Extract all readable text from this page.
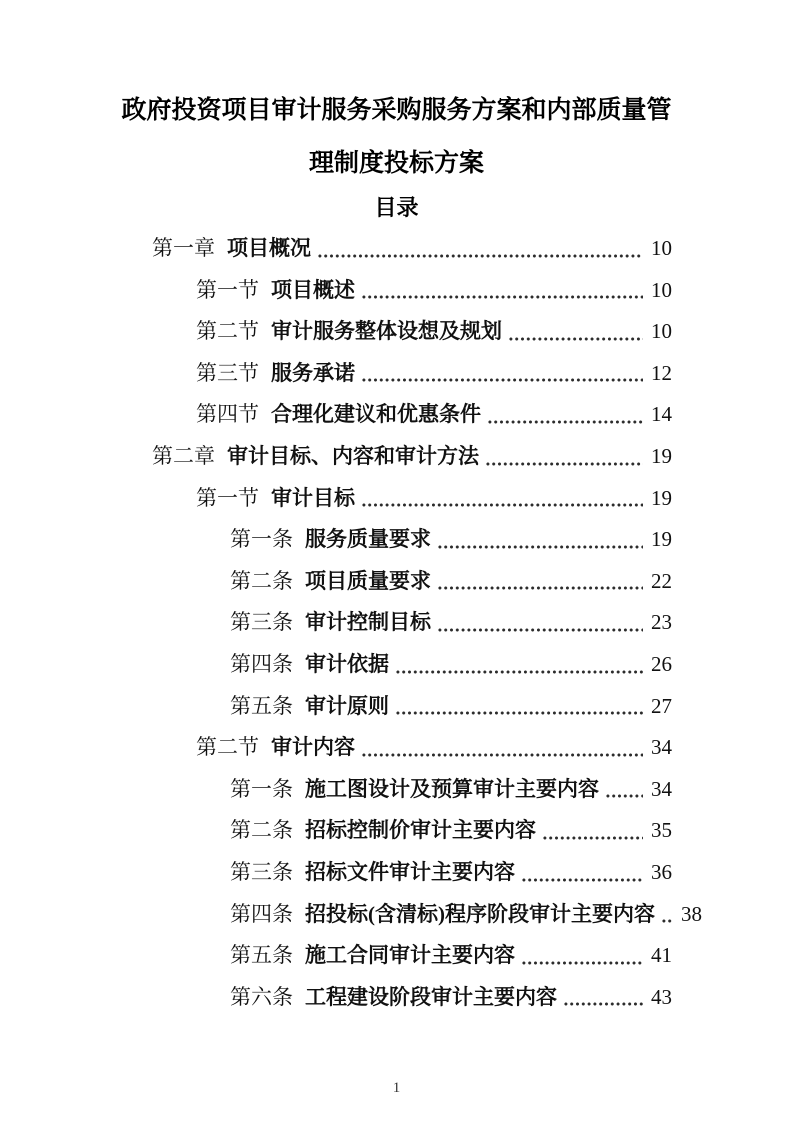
政府投资项目审计服务采购服务方案和内部质量管
理制度投标方案
目录
第一章 项目概况	10
第一节 项目概述	10
第二节 审计服务整体设想及规划	10
第三节 服务承诺	12
第四节 合理化建议和优惠条件	14
第二章 审计目标、内容和审计方法	19
第一节 审计目标	19
第一条 服务质量要求	19
第二条 项目质量要求	22
第三条 审计控制目标	23
第四条 审计依据	26
第五条 审计原则	27
第二节 审计内容	34
第一条 施工图设计及预算审计主要内容 34
第二条 招标控制价审计主要内容	35
第三条 招标文件审计主要内容	36
第四条 招投标(含清标)程序阶段审计主要内容 38
第五条 施工合同审计主要内容	41
第六条 工程建设阶段审计主要内容	43
1
